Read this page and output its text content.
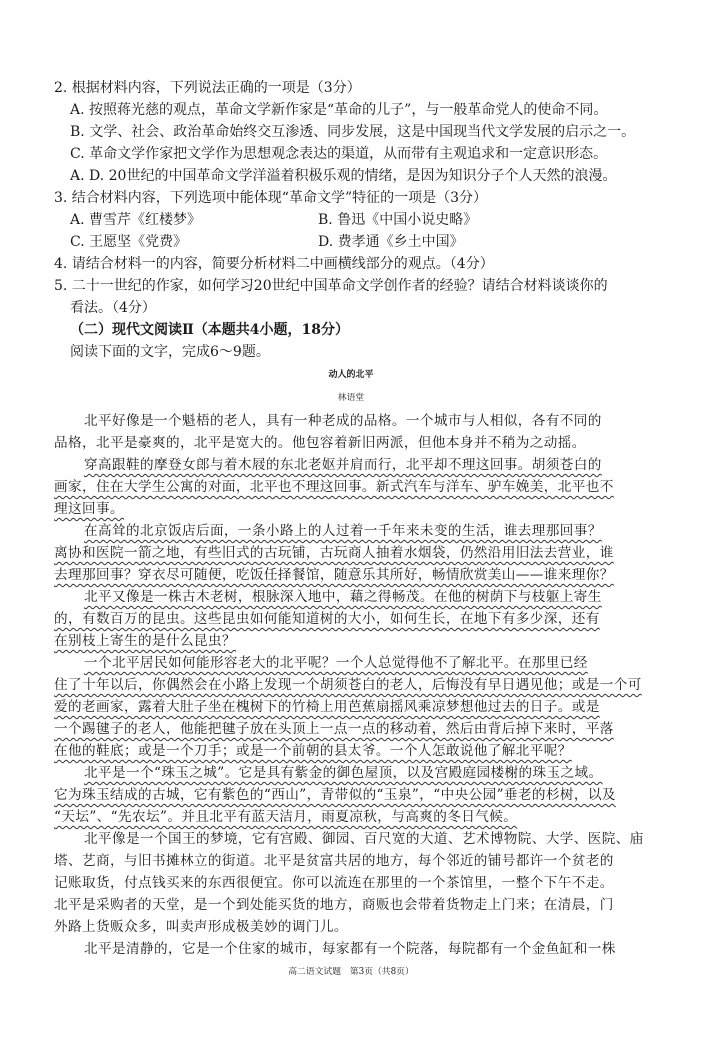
2. 根据材料内容，下列说法正确的一项是（3分）
A. 按照蒋光慈的观点，革命文学新作家是“革命的儿子”，与一般革命党人的使命不同。
B. 文学、社会、政治革命始终交互渗透、同步发展，这是中国现当代文学发展的启示之一。
C. 革命文学作家把文学作为思想观念表达的渠道，从而带有主观追求和一定意识形态。
A. D. 20世纪的中国革命文学洋溢着积极乐观的情绪，是因为知识分子个人天然的浪漫。
3. 结合材料内容，下列选项中能体现“革命文学”特征的一项是（3分）
A. 曹雪芹《红楼梦》	B. 鲁迅《中国小说史略》
C. 王愿坚《党费》	D. 费孝通《乡土中国》
4. 请结合材料一的内容，简要分析材料二中画横线部分的观点。（4分）
5. 二十一世纪的作家，如何学习20世纪中国革命文学创作者的经验？请结合材料谈谈你的
看法。（4分）
（二）现代文阅读Ⅱ（本题共4小题，18分）
阅读下面的文字，完成6～9题。
动人的北平
林语堂
北平好像是一个魁梧的老人，具有一种老成的品格。一个城市与人相似，各有不同的
品格，北平是豪爽的，北平是宽大的。他包容着新旧两派，但他本身并不稍为之动摇。
穿高跟鞋的摩登女郎与着木屐的东北老妪并肩而行，北平却不理这回事。胡须苍白的
画家，住在大学生公寓的对面，北平也不理这回事。新式汽车与洋车、驴车娩美，北平也不
理这回事。
在高耸的北京饭店后面，一条小路上的人过着一千年来未变的生活，谁去理那回事？
离协和医院一箭之地，有些旧式的古玩铺，古玩商人抽着水烟袋，仍然沿用旧法去营业，谁
去理那回事？穿衣尽可随便，吃饭任择餐馆，随意乐其所好，畅情欣赏美山——谁来理你？
北平又像是一株古木老树，根脉深入地中，藉之得畅茂。在他的树荫下与枝躯上寄生
的，有数百万的昆虫。这些昆虫如何能知道树的大小，如何生长，在地下有多少深，还有
在别枝上寄生的是什么昆虫？
一个北平居民如何能形容老大的北平呢？一个人总觉得他不了解北平。在那里已经
住了十年以后，你偶然会在小路上发现一个胡须苍白的老人，后悔没有早日遇见他；或是一个可
爱的老画家，露着大肚子坐在槐树下的竹椅上用芭蕉扇摇风乘凉梦想他过去的日子。或是
一个踢毽子的老人，他能把毽子放在头顶上一点一点的移动着，然后由背后掉下来时，平落
在他的鞋底；或是一个刀手；或是一个前朝的县太爷。一个人怎敢说他了解北平呢？
北平是一个“珠玉之城”。它是具有紫金的御色屋顶，以及宫殿庭园楼榭的珠玉之域。
它为珠玉结成的古城，它有紫色的“西山”，青带似的“玉泉”，“中央公园”垂老的杉树，以及
“天坛”、“先农坛”。并且北平有蓝天洁月，雨夏凉秋，与高爽的冬日气候。
北平像是一个国王的梦境，它有宫殿、御园、百尺宽的大道、艺术博物院、大学、医院、庙
塔、艺商，与旧书摊林立的街道。北平是贫富共居的地方，每个邻近的铺号都许一个贫老的
记账取货，付点钱买来的东西很便宜。你可以流连在那里的一个茶馆里，一整个下午不走。
北平是采购者的天堂，是一个到处能买货的地方，商贩也会带着货物走上门来；在清晨，门
外路上货贩众多，叫卖声形成极美妙的调门儿。
北平是清静的，它是一个住家的城市，每家都有一个院落，每院都有一个金鱼缸和一株
高二语文试题　第3页（共8页）
